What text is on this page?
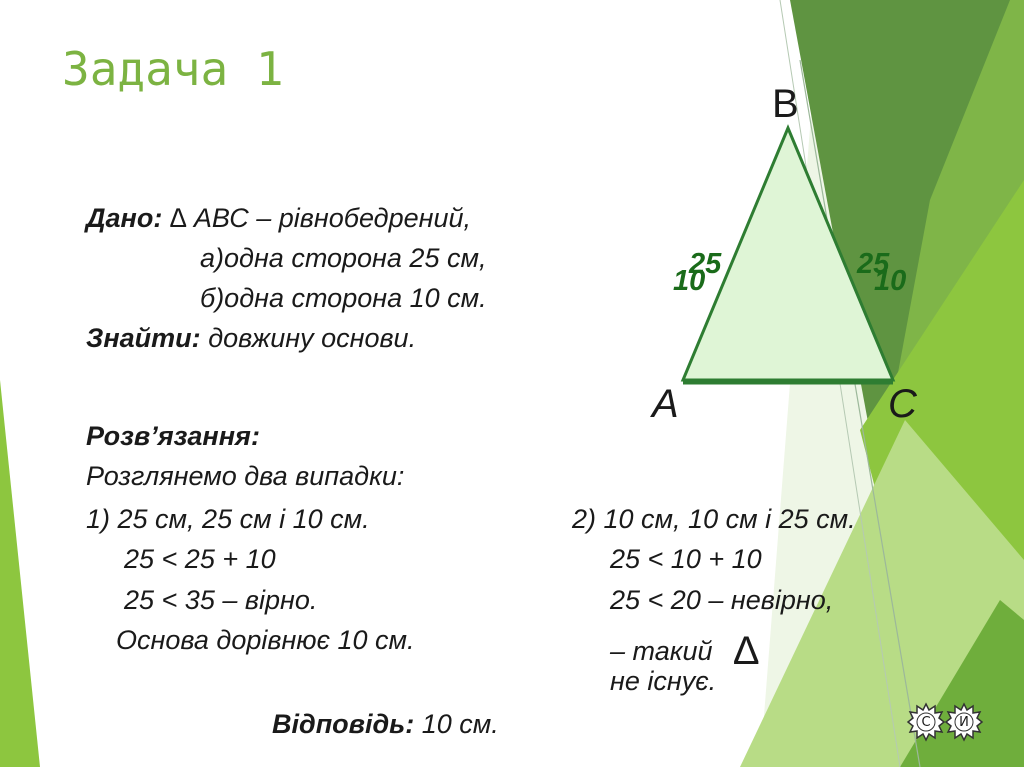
Задача 1
B
A	C
25
10
25
10
Дано: ∆ АВС – рівнобедрений,
а)одна сторона 25 см,
б)одна сторона 10 см.
Знайти: довжину основи.
Розв’язання:
Розглянемо два випадки:
1) 25 см, 25 см і 10 см.
25 < 25 + 10
25 < 35 – вірно.
Основа дорівнює 10 см.
2) 10 см, 10 см і 25 см.
25 < 10 + 10
25 < 20 – невірно,
– такий ∆
не існує.
Відповідь: 10 см.	С	И
